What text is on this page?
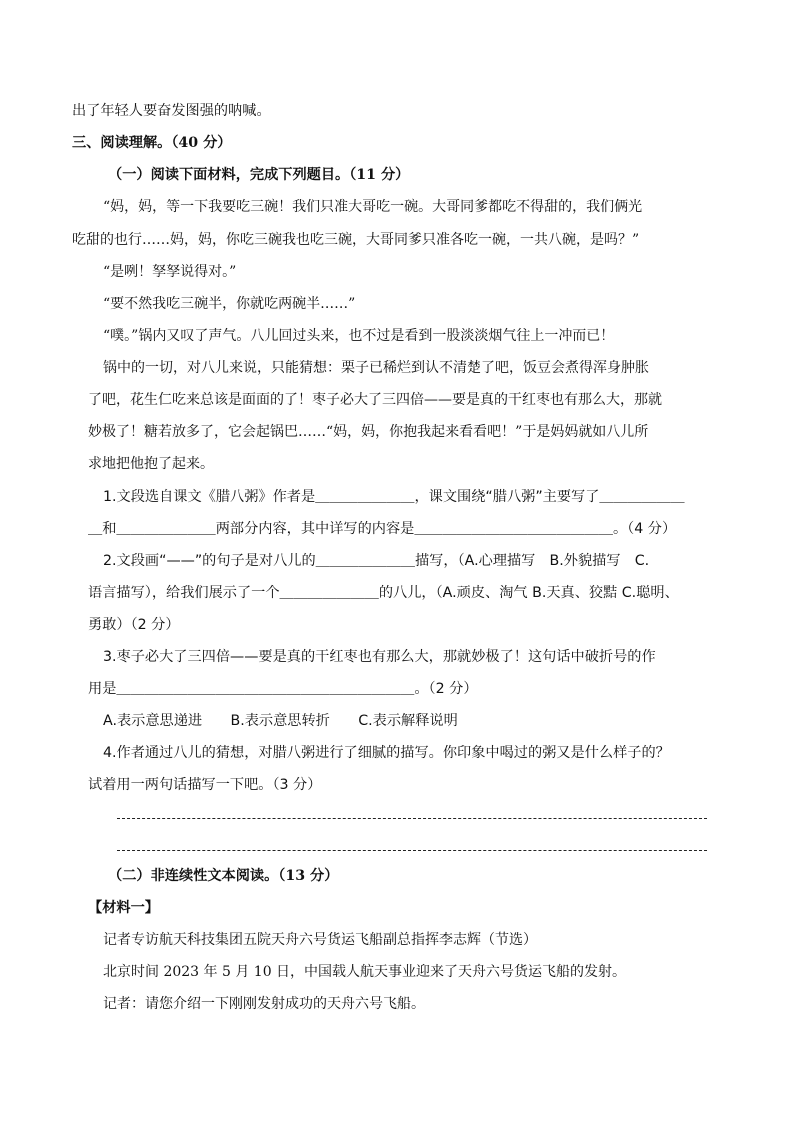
出了年轻人要奋发图强的呐喊。
三、阅读理解。（40 分）
（一）阅读下面材料，完成下列题目。（11 分）
“妈，妈，等一下我要吃三碗！我们只准大哥吃一碗。大哥同爹都吃不得甜的，我们俩光
吃甜的也行……妈，妈，你吃三碗我也吃三碗，大哥同爹只准各吃一碗，一共八碗，是吗？”
“是咧！孥孥说得对。”
“要不然我吃三碗半，你就吃两碗半……”
“噗。”锅内又叹了声气。八儿回过头来，也不过是看到一股淡淡烟气往上一冲而已！
锅中的一切，对八儿来说，只能猜想：栗子已稀烂到认不清楚了吧，饭豆会煮得浑身肿胀
了吧，花生仁吃来总该是面面的了！枣子必大了三四倍——要是真的干红枣也有那么大，那就
妙极了！糖若放多了，它会起锅巴……“妈，妈，你抱我起来看看吧！”于是妈妈就如八儿所
求地把他抱了起来。
1.文段选自课文《腊八粥》作者是＿＿＿＿＿＿＿，课文围绕“腊八粥”主要写了＿＿＿＿＿＿
＿和＿＿＿＿＿＿＿两部分内容，其中详写的内容是＿＿＿＿＿＿＿＿＿＿＿＿＿＿。（4 分）
2.文段画“——”的句子是对八儿的＿＿＿＿＿＿＿描写，（A.心理描写　B.外貌描写　C.
语言描写），给我们展示了一个＿＿＿＿＿＿＿的八儿，（A.顽皮、淘气 B.天真、狡黠 C.聪明、
勇敢）（2 分）
3.枣子必大了三四倍——要是真的干红枣也有那么大，那就妙极了！这句话中破折号的作
用是＿＿＿＿＿＿＿＿＿＿＿＿＿＿＿＿＿＿＿＿＿。（2 分）
A.表示意思递进　　B.表示意思转折　　C.表示解释说明
4.作者通过八儿的猜想，对腊八粥进行了细腻的描写。你印象中喝过的粥又是什么样子的？
试着用一两句话描写一下吧。（3 分）
（二）非连续性文本阅读。（13 分）
【材料一】
记者专访航天科技集团五院天舟六号货运飞船副总指挥李志辉（节选）
北京时间 2023 年 5 月 10 日，中国载人航天事业迎来了天舟六号货运飞船的发射。
记者：请您介绍一下刚刚发射成功的天舟六号飞船。
